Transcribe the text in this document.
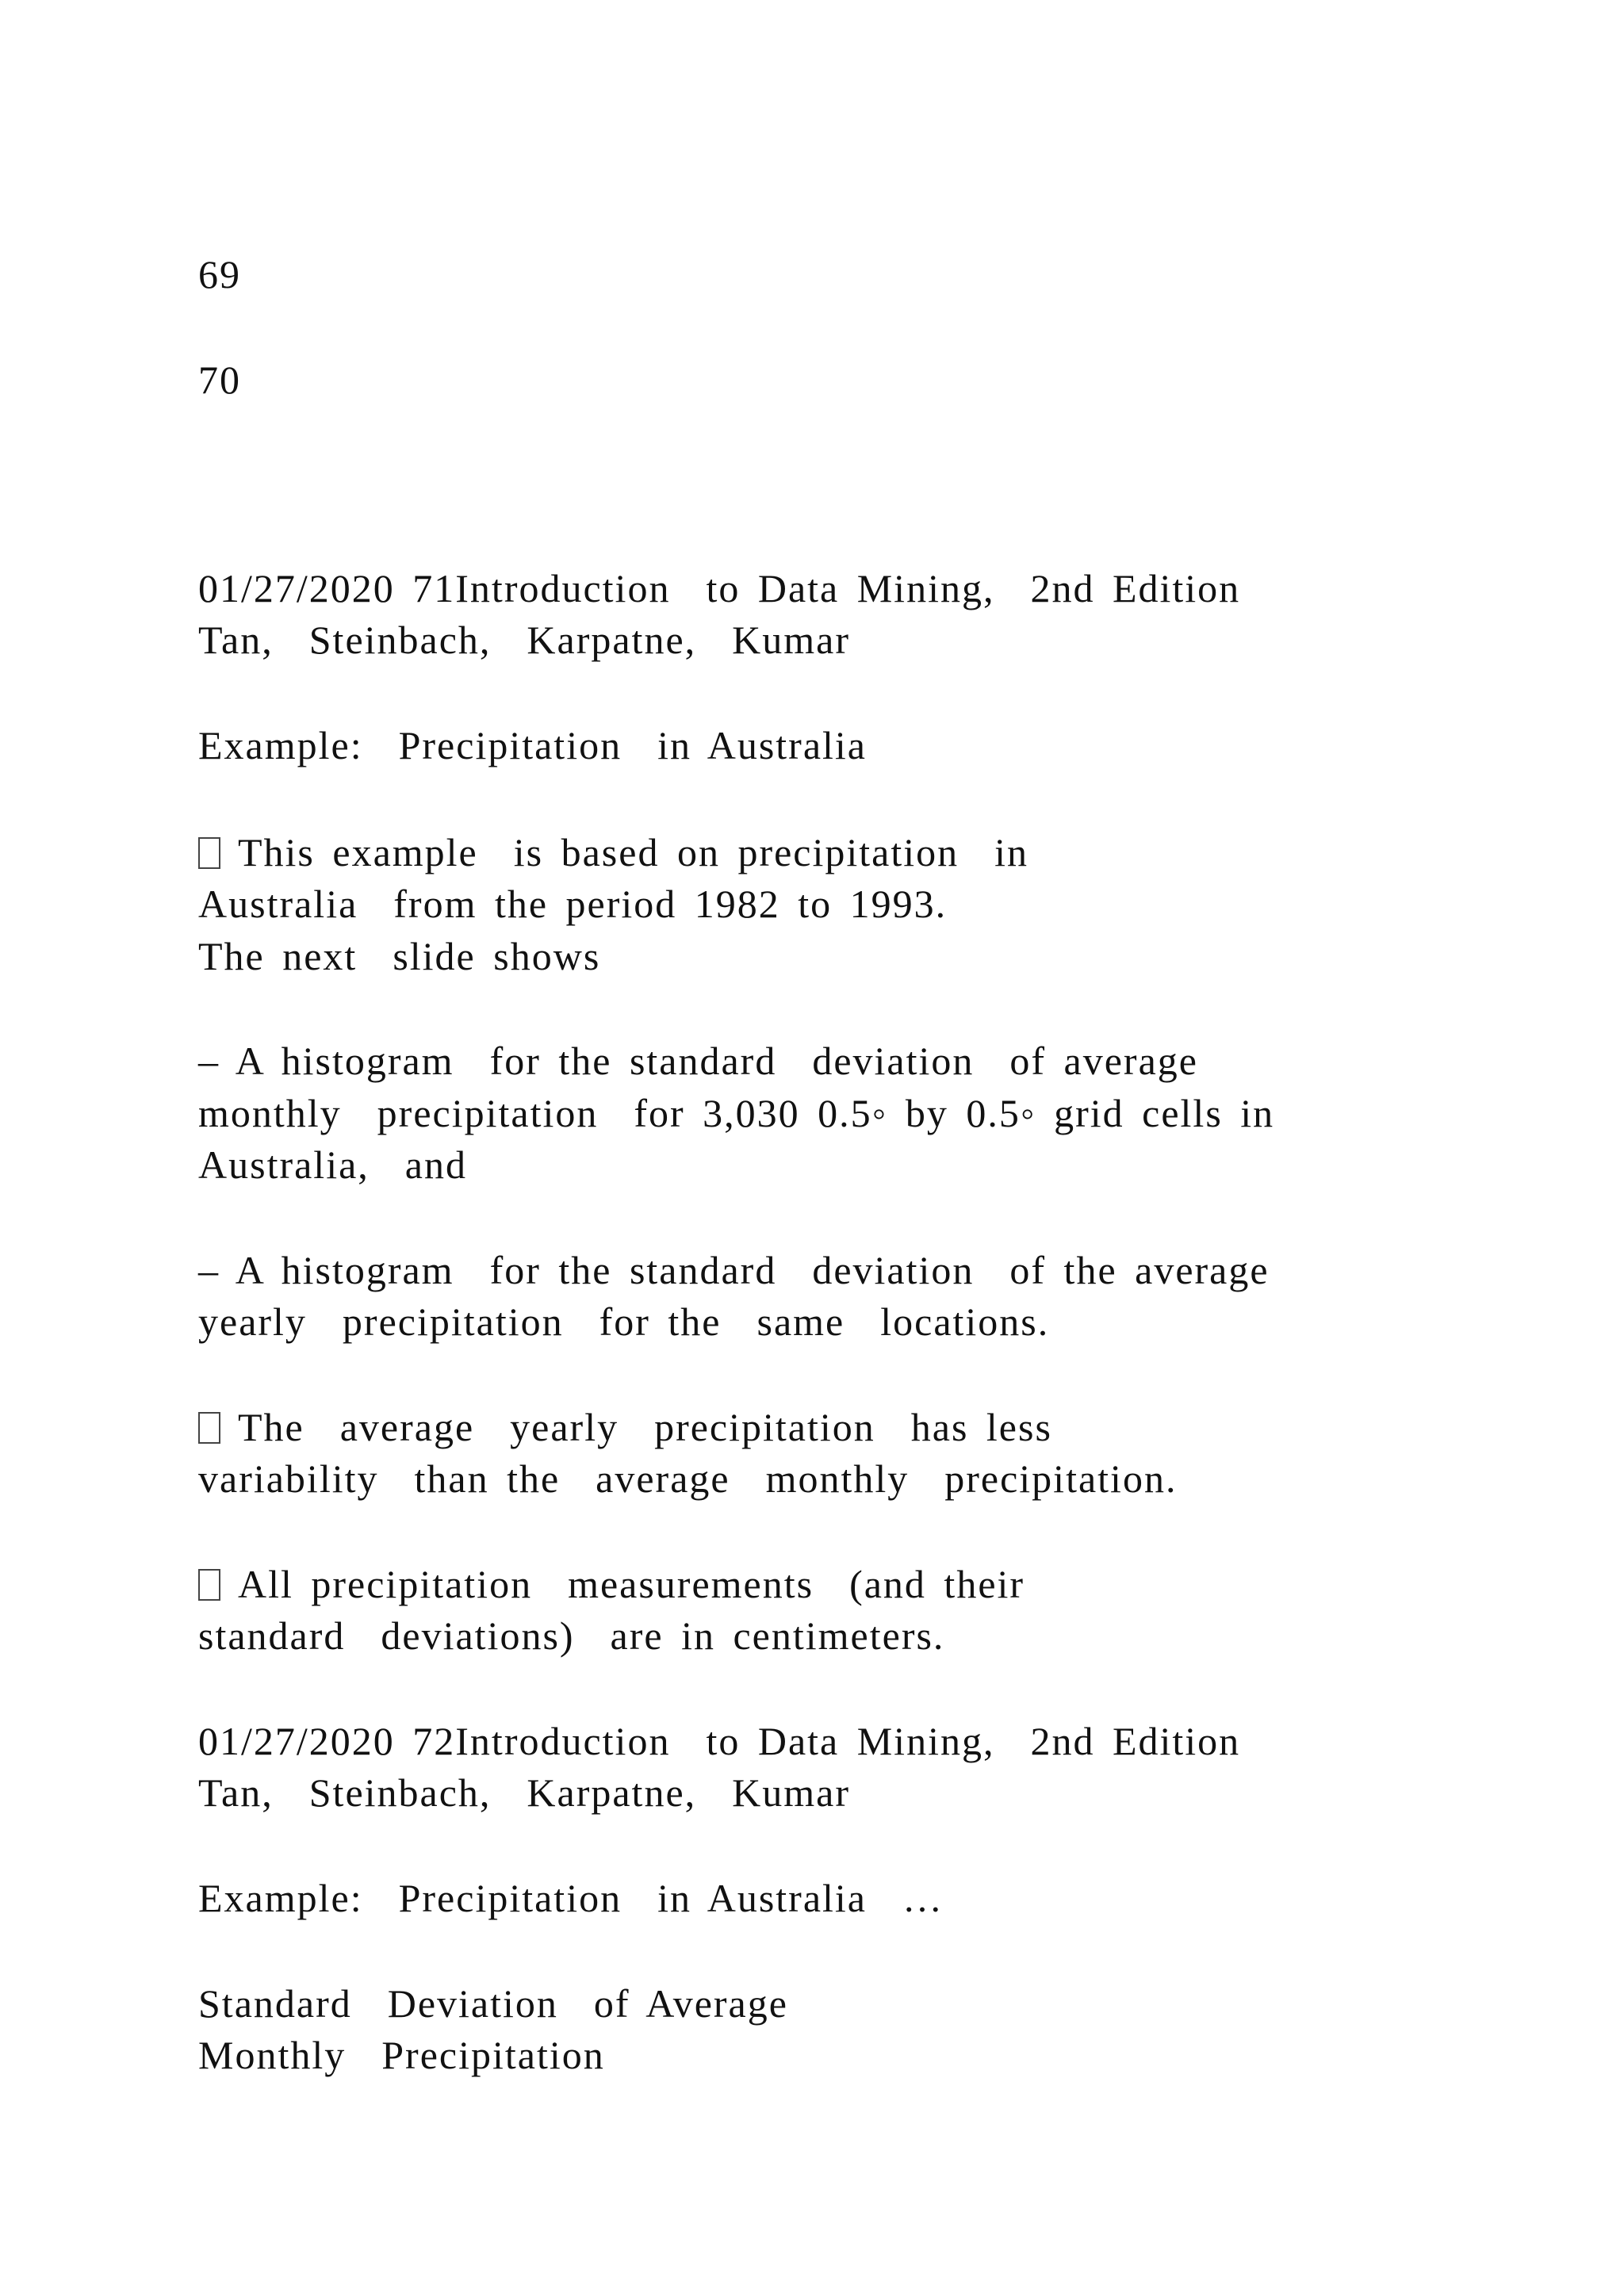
69
70
01/27/2020 71Introduction  to Data Mining,  2nd Edition
Tan,  Steinbach,  Karpatne,  Kumar
Example:  Precipitation  in Australia
This example  is based on precipitation  in
Australia  from the period 1982 to 1993.
The next  slide shows
– A histogram  for the standard  deviation  of average
monthly  precipitation  for 3,030 0.5◦ by 0.5◦ grid cells in
Australia,  and
– A histogram  for the standard  deviation  of the average
yearly  precipitation  for the  same  locations.
The  average  yearly  precipitation  has less
variability  than the  average  monthly  precipitation.
All precipitation  measurements  (and their
standard  deviations)  are in centimeters.
01/27/2020 72Introduction  to Data Mining,  2nd Edition
Tan,  Steinbach,  Karpatne,  Kumar
Example:  Precipitation  in Australia  …
Standard  Deviation  of Average
Monthly  Precipitation
